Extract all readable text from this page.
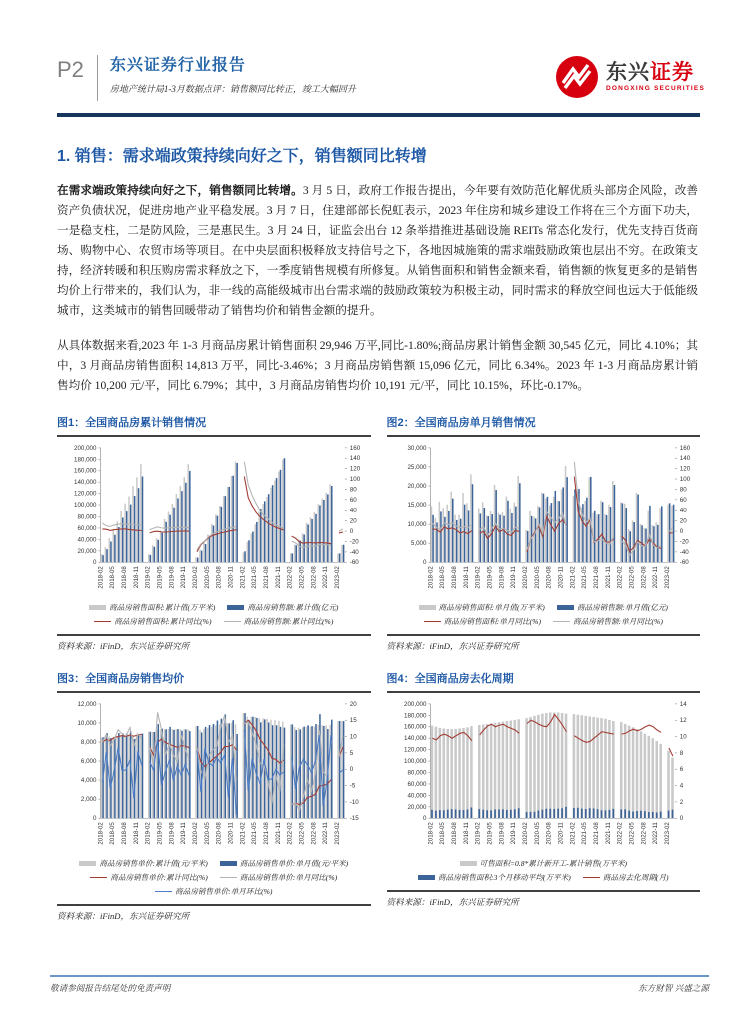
P2 东兴证券行业报告
房地产统计局1-3月数据点评：销售额同比转正，竣工大幅回升
东兴证券
DONGXING SECURITIES
1. 销售：需求端政策持续向好之下，销售额同比转增

在需求端政策持续向好之下，销售额同比转增。3 月 5 日，政府工作报告提出，今年要有效防范化解优质头部房企风险，改善资产负债状况，促进房地产业平稳发展。3 月 7 日，住建部部长倪虹表示，2023 年住房和城乡建设工作将在三个方面下功夫，一是稳支柱，二是防风险，三是惠民生。3 月 24 日，证监会出台 12 条举措推进基础设施 REITs 常态化发行，优先支持百货商场、购物中心、农贸市场等项目。在中央层面积极释放支持信号之下，各地因城施策的需求端鼓励政策也层出不穷。在政策支持，经济转暖和积压购房需求释放之下，一季度销售规模有所修复。从销售面积和销售金额来看，销售额的恢复更多的是销售均价上行带来的，我们认为，非一线的高能级城市出台需求端的鼓励政策较为积极主动，同时需求的释放空间也远大于低能级城市，这类城市的销售回暖带动了销售均价和销售金额的提升。

从具体数据来看,2023 年 1-3 月商品房累计销售面积 29,946 万平,同比-1.80%;商品房累计销售金额 30,545 亿元，同比 4.10%；其中，3 月商品房销售面积 14,813 万平，同比-3.46%；3 月商品房销售额 15,096 亿元，同比 6.34%。2023 年 1-3 月商品房累计销售均价 10,200 元/平，同比 6.79%；其中，3 月商品房销售均价 10,191 元/平，同比 10.15%，环比-0.17%。

图1：全国商品房累计销售情况
0
20,000
40,000
60,000
80,000
100,000
120,000
140,000
160,000
180,000
200,000
-60
-40
-20
0
20
40
60
80
100
120
140
160
2018-02 2018-05 2018-08 2018-11 2019-02 2019-05 2019-08 2019-11 2020-02 2020-05 2020-08 2020-11 2021-02 2021-05 2021-08 2021-11 2022-02 2022-05 2022-08 2022-11 2023-02
商品房销售面积:累计值(万平米)	商品房销售额:累计值(亿元)
商品房销售面积:累计同比(%)	商品房销售额:累计同比(%)
资料来源：iFinD，东兴证券研究所
图2：全国商品房单月销售情况
0
5,000
10,000
15,000
20,000
25,000
30,000
-60
-40
-20
0
20
40
60
80
100
120
140
160
2018-02 2018-05 2018-08 2018-11 2019-02 2019-05 2019-08 2019-11 2020-02 2020-05 2020-08 2020-11 2021-02 2021-05 2021-08 2021-11 2022-02 2022-05 2022-08 2022-11 2023-02
商品房销售面积:单月值(万平米)	商品房销售额:单月值(亿元)
商品房销售面积:单月同比(%)	商品房销售额:单月同比(%)
资料来源：iFinD，东兴证券研究所
图3：全国商品房销售均价
0
2,000
4,000
6,000
8,000
10,000
12,000
-15
-10
-5
0
5
10
15
20
2018-02 2018-05 2018-08 2018-11 2019-02 2019-05 2019-08 2019-11 2020-02 2020-05 2020-08 2020-11 2021-02 2021-05 2021-08 2021-11 2022-02 2022-05 2022-08 2022-11 2023-02
商品房销售单价:累计值(元/平米)	商品房销售单价:单月值(元/平米)
商品房销售单价:累计同比(%)	商品房销售单价:单月同比(%)
商品房销售单价:单月环比(%)
资料来源：iFinD，东兴证券研究所
图4：全国商品房去化周期
0
20,000
40,000
60,000
80,000
100,000
120,000
140,000
160,000
180,000
200,000
0
2
4
6
8
10
12
14
2018-02 2018-05 2018-08 2018-11 2019-02 2019-05 2019-08 2019-11 2020-02 2020-05 2020-08 2020-11 2021-02 2021-05 2021-08 2021-11 2022-02 2022-05 2022-08 2022-11 2023-02
可售面积=0.8*累计新开工-累计销售(万平米)
商品房销售面积:3个月移动平均(万平米)	商品房去化周期(月)
资料来源：iFinD，东兴证券研究所
敬请参阅报告结尾处的免责声明	东方财智 兴盛之源
